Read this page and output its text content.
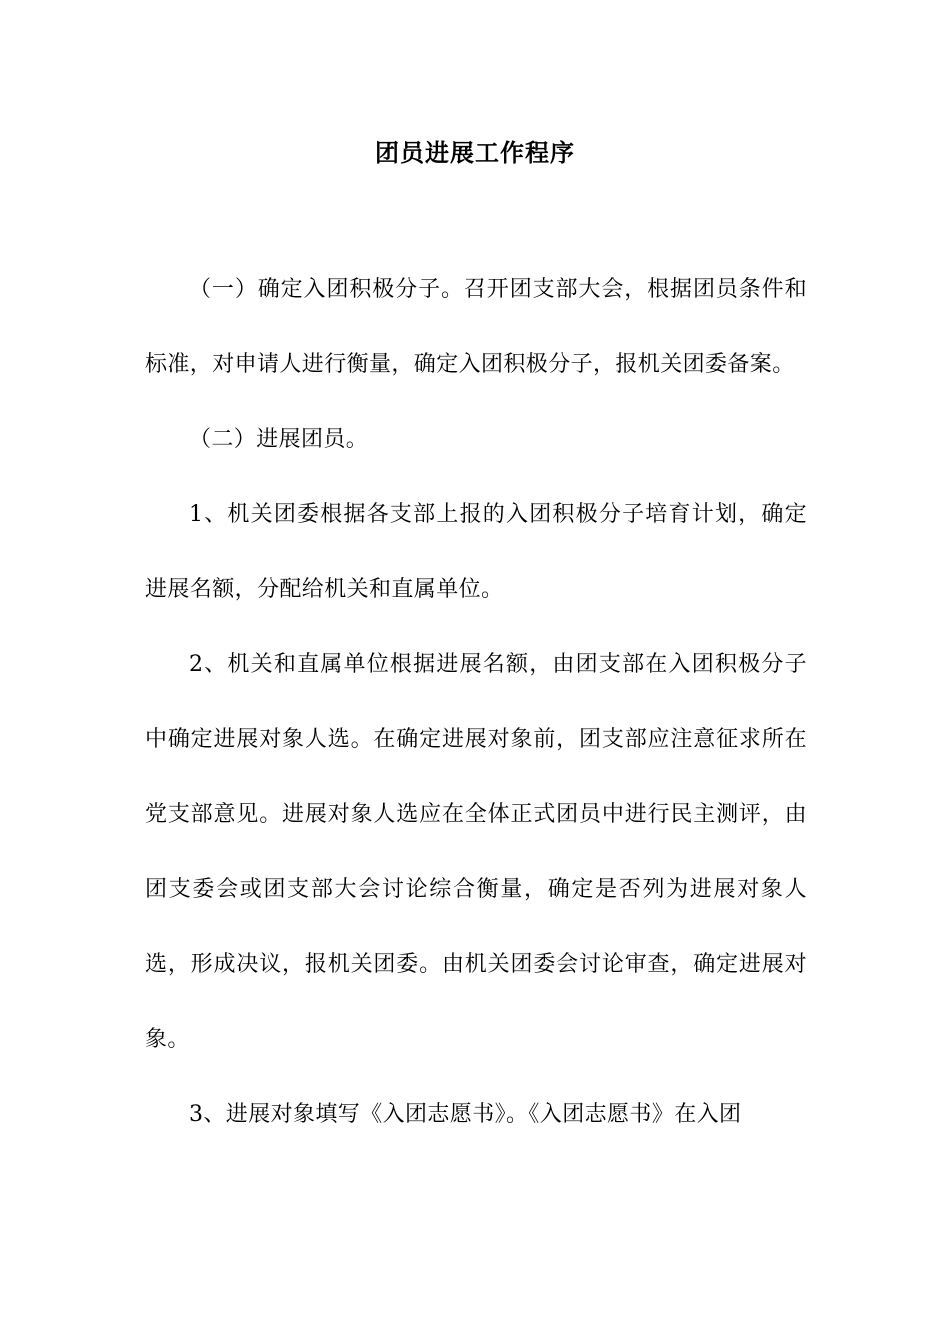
团员进展工作程序

（一）确定入团积极分子。召开团支部大会，根据团员条件和标准，对申请人进行衡量，确定入团积极分子，报机关团委备案。

（二）进展团员。

1、机关团委根据各支部上报的入团积极分子培育计划，确定进展名额，分配给机关和直属单位。

2、机关和直属单位根据进展名额，由团支部在入团积极分子中确定进展对象人选。在确定进展对象前，团支部应注意征求所在党支部意见。进展对象人选应在全体正式团员中进行民主测评，由团支委会或团支部大会讨论综合衡量，确定是否列为进展对象人选，形成决议，报机关团委。由机关团委会讨论审查，确定进展对象。

3、进展对象填写《入团志愿书》。《入团志愿书》在入团
